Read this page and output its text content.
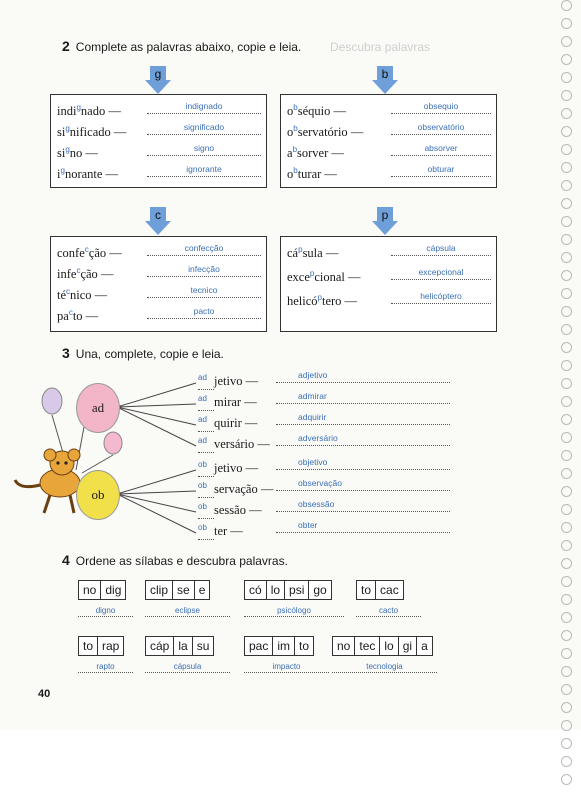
Descubra palavras
2 Complete as palavras abaixo, copie e leia.
g
indi$^g$nado —	indignado
$si^gnificado$ —	significado
$si^gno$ —	signo
$i^gnorante$ —	ignorante
b
$o^bséquio$ —	obsequio
$o^bservatório$ —	observatório
$a^bsorver$ —	absorver
$o^bturar$ —	obturar
c
confe$^c$ção —	confecção
infe$^c$ção —	infecção
$té^cnico$ —	tecnico
$pa^cto$ —	pacto
p
$cá^psula$ —	cápsula
exce$^p$cional —	excepcional
helicó$^p$tero —	helicóptero
3 Una, complete, copie e leia.
ad
$^{ad}$ jetivo —	adjetivo
$^{ad}$ mirar —	admirar
$^{ad}$ quirir —	adquirir
$^{ad}$ versário —	adversário
ob
$^{ob}$ jetivo —	objetivo
$^{ob}$ servação —	observação
$^{ob}$ sessão —	obsessão
$^{ob}$ ter —	obter
4 Ordene as sílabas e descubra palavras.
no dig
digno
clip se e
eclipse
có lo psi go
psicólogo
to cac
cacto
to rap
rapto
cáp la su
cápsula
pac im to
impacto
no tec lo gi a
tecnologia
40
